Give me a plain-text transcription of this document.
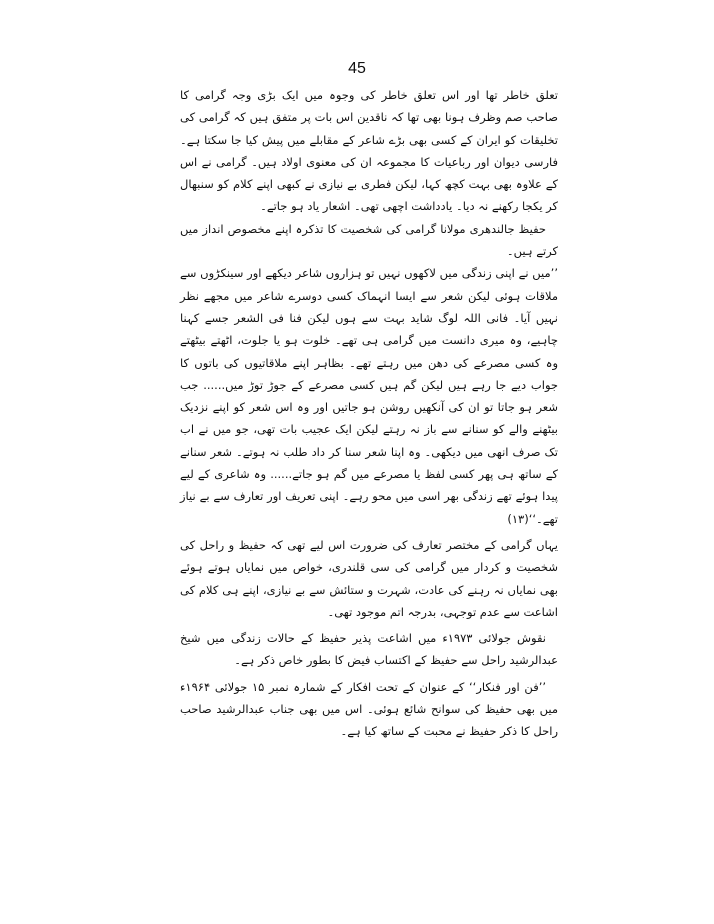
45

تعلق خاطر تھا اور اس تعلق خاطر کی وجوہ میں ایک بڑی وجہ گرامی کا صاحب صم وظرف ہونا بھی تھا کہ ناقدین اس بات پر متفق ہیں کہ گرامی کی تخلیقات کو ایران کے کسی بھی بڑے شاعر کے مقابلے میں پیش کیا جا سکتا ہے۔ فارسی دیوان اور رباعیات کا مجموعہ ان کی معنوی اولاد ہیں۔ گرامی نے اس کے علاوہ بھی بہت کچھ کہا، لیکن فطری بے نیازی نے کبھی اپنے کلام کو سنبھال کر یکجا رکھنے نہ دیا۔ یادداشت اچھی تھی۔ اشعار یاد ہو جاتے۔

حفیظ جالندھری مولانا گرامی کی شخصیت کا تذکرہ اپنے مخصوص انداز میں کرتے ہیں۔

’’میں نے اپنی زندگی میں لاکھوں نہیں تو ہزاروں شاعر دیکھے اور سینکڑوں سے ملاقات ہوئی لیکن شعر سے ایسا انہماک کسی دوسرے شاعر میں مجھے نظر نہیں آیا۔ فانی اللہ لوگ شاید بہت سے ہوں لیکن فنا فی الشعر جسے کہنا چاہیے، وہ میری دانست میں گرامی ہی تھے۔ خلوت ہو یا جلوت، اٹھتے بیٹھتے وہ کسی مصرعے کی دھن میں رہتے تھے۔ بظاہر اپنے ملاقاتیوں کی باتوں کا جواب دیے جا رہے ہیں لیکن گم ہیں کسی مصرعے کے جوڑ توڑ میں...... جب شعر ہو جاتا تو ان کی آنکھیں روشن ہو جاتیں اور وہ اس شعر کو اپنے نزدیک بیٹھنے والے کو سنانے سے باز نہ رہتے لیکن ایک عجیب بات تھی، جو میں نے اب تک صرف انھی میں دیکھی۔ وہ اپنا شعر سنا کر داد طلب نہ ہوتے۔ شعر سنانے کے ساتھ ہی پھر کسی لفظ یا مصرعے میں گم ہو جاتے...... وہ شاعری کے لیے پیدا ہوئے تھے زندگی بھر اسی میں محو رہے۔ اپنی تعریف اور تعارف سے بے نیاز تھے۔‘‘(۱۳)

یہاں گرامی کے مختصر تعارف کی ضرورت اس لیے تھی کہ حفیظ و راحل کی شخصیت و کردار میں گرامی کی سی قلندری، خواص میں نمایاں ہوتے ہوئے بھی نمایاں نہ رہنے کی عادت، شہرت و ستائش سے بے نیازی، اپنے ہی کلام کی اشاعت سے عدم توجہی، بدرجہ اتم موجود تھی۔

نقوش جولائی ۱۹۷۳ء میں اشاعت پذیر حفیظ کے حالات زندگی میں شیخ عبدالرشید راحل سے حفیظ کے اکتساب فیض کا بطور خاص ذکر ہے۔

’’فن اور فنکار‘‘ کے عنوان کے تحت افکار کے شمارہ نمبر ۱۵ جولائی ۱۹۶۴ء میں بھی حفیظ کی سوانح شائع ہوئی۔ اس میں بھی جناب عبدالرشید صاحب راحل کا ذکر حفیظ نے محبت کے ساتھ کیا ہے۔
